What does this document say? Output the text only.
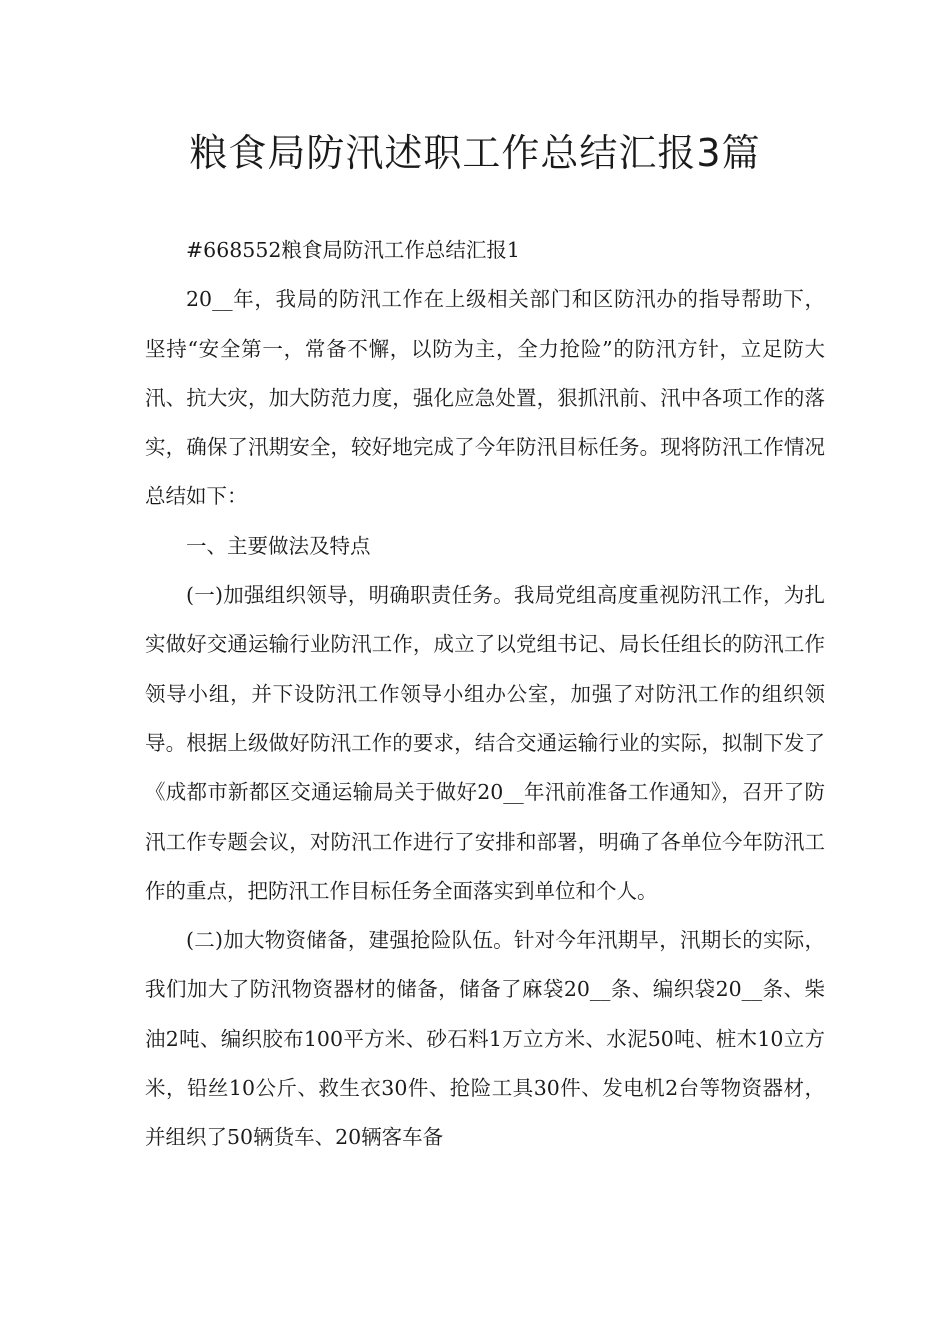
粮食局防汛述职工作总结汇报3篇

#668552粮食局防汛工作总结汇报1

20__年，我局的防汛工作在上级相关部门和区防汛办的指导帮助下，坚持“安全第一，常备不懈，以防为主，全力抢险”的防汛方针，立足防大汛、抗大灾，加大防范力度，强化应急处置，狠抓汛前、汛中各项工作的落实，确保了汛期安全，较好地完成了今年防汛目标任务。现将防汛工作情况总结如下：

一、主要做法及特点

(一)加强组织领导，明确职责任务。我局党组高度重视防汛工作，为扎实做好交通运输行业防汛工作，成立了以党组书记、局长任组长的防汛工作领导小组，并下设防汛工作领导小组办公室，加强了对防汛工作的组织领导。根据上级做好防汛工作的要求，结合交通运输行业的实际，拟制下发了《成都市新都区交通运输局关于做好20__年汛前准备工作通知》，召开了防汛工作专题会议，对防汛工作进行了安排和部署，明确了各单位今年防汛工作的重点，把防汛工作目标任务全面落实到单位和个人。

(二)加大物资储备，建强抢险队伍。针对今年汛期早，汛期长的实际，我们加大了防汛物资器材的储备，储备了麻袋20__条、编织袋20__条、柴油2吨、编织胶布100平方米、砂石料1万立方米、水泥50吨、桩木10立方米，铅丝10公斤、救生衣30件、抢险工具30件、发电机2台等物资器材，并组织了50辆货车、20辆客车备
